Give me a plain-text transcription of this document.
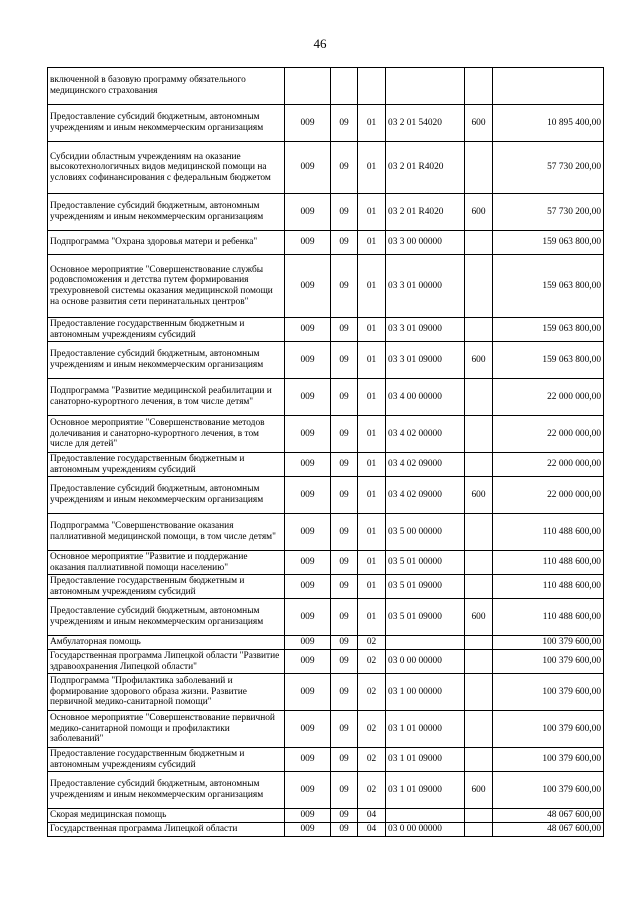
46
включенной в базовую программу обязательного медицинского страхования						
Предоставление субсидий бюджетным, автономным учреждениям и иным некоммерческим организациям	009	09	01	03 2 01 54020	600	10 895 400,00
Субсидии областным учреждениям на оказание высокотехнологичных видов медицинской помощи на условиях софинансирования с федеральным бюджетом	009	09	01	03 2 01 R4020		57 730 200,00
Предоставление субсидий бюджетным, автономным учреждениям и иным некоммерческим организациям	009	09	01	03 2 01 R4020	600	57 730 200,00
Подпрограмма "Охрана здоровья матери и ребенка"	009	09	01	03 3 00 00000		159 063 800,00
Основное мероприятие "Совершенствование службы родовспоможения и детства путем формирования трехуровневой системы оказания медицинской помощи на основе развития сети перинатальных центров"	009	09	01	03 3 01 00000		159 063 800,00
Предоставление государственным бюджетным и автономным учреждениям субсидий	009	09	01	03 3 01 09000		159 063 800,00
Предоставление субсидий бюджетным, автономным учреждениям и иным некоммерческим организациям	009	09	01	03 3 01 09000	600	159 063 800,00
Подпрограмма "Развитие медицинской реабилитации и санаторно-курортного лечения, в том числе детям"	009	09	01	03 4 00 00000		22 000 000,00
Основное мероприятие "Совершенствование методов долечивания и санаторно-курортного лечения, в том числе для детей"	009	09	01	03 4 02 00000		22 000 000,00
Предоставление государственным бюджетным и автономным учреждениям субсидий	009	09	01	03 4 02 09000		22 000 000,00
Предоставление субсидий бюджетным, автономным учреждениям и иным некоммерческим организациям	009	09	01	03 4 02 09000	600	22 000 000,00
Подпрограмма "Совершенствование оказания паллиативной медицинской помощи, в том числе детям"	009	09	01	03 5 00 00000		110 488 600,00
Основное мероприятие "Развитие и поддержание оказания паллиативной помощи населению"	009	09	01	03 5 01 00000		110 488 600,00
Предоставление государственным бюджетным и автономным учреждениям субсидий	009	09	01	03 5 01 09000		110 488 600,00
Предоставление субсидий бюджетным, автономным учреждениям и иным некоммерческим организациям	009	09	01	03 5 01 09000	600	110 488 600,00
Амбулаторная помощь	009	09	02			100 379 600,00
Государственная программа Липецкой области "Развитие здравоохранения Липецкой области"	009	09	02	03 0 00 00000		100 379 600,00
Подпрограмма "Профилактика заболеваний и формирование здорового образа жизни. Развитие первичной медико-санитарной помощи"	009	09	02	03 1 00 00000		100 379 600,00
Основное мероприятие "Совершенствование первичной медико-санитарной помощи и профилактики заболеваний"	009	09	02	03 1 01 00000		100 379 600,00
Предоставление государственным бюджетным и автономным учреждениям субсидий	009	09	02	03 1 01 09000		100 379 600,00
Предоставление субсидий бюджетным, автономным учреждениям и иным некоммерческим организациям	009	09	02	03 1 01 09000	600	100 379 600,00
Скорая медицинская помощь	009	09	04			48 067 600,00
Государственная программа Липецкой области	009	09	04	03 0 00 00000		48 067 600,00
